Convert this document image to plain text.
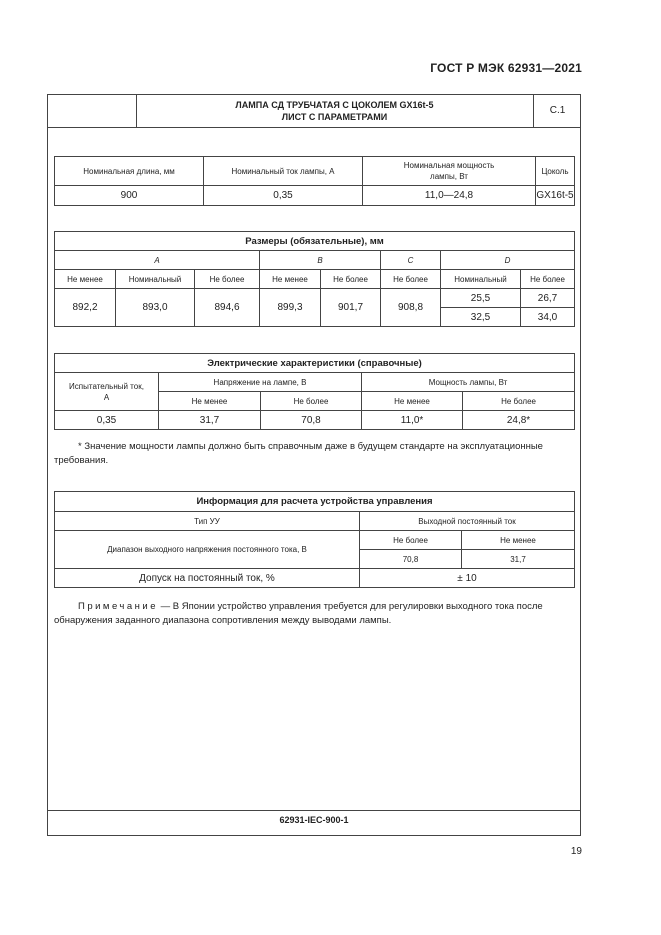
ГОСТ Р МЭК 62931—2021
ЛАМПА СД ТРУБЧАТАЯ С ЦОКОЛЕМ GX16t-5
ЛИСТ С ПАРАМЕТРАМИ
С.1
Номинальная длина, мм	Номинальный ток лампы, А	Номинальная мощность лампы, Вт	Цоколь
900	0,35	11,0—24,8	GX16t-5
Размеры (обязательные), мм							
A			B		C	D	
Не менее	Номинальный	Не более	Не менее	Не более	Не более	Номинальный	Не более
892,2	893,0	894,6	899,3	901,7	908,8	25,5	26,7
						32,5	34,0
Электрические характеристики (справочные)				
Испытательный ток, А	Напряжение на лампе, В		Мощность лампы, Вт	
	Не менее	Не более	Не менее	Не более
0,35	31,7	70,8	11,0*	24,8*
* Значение мощности лампы должно быть справочным даже в будущем стандарте на эксплуатационные требования.
Информация для расчета устройства управления		
Тип УУ	Выходной постоянный ток	
Диапазон выходного напряжения постоянного тока, В	Не более	Не менее
	70,8	31,7
Допуск на постоянный ток, %	± 10	
Примечание — В Японии устройство управления требуется для регулировки выходного тока после обнаружения заданного диапазона сопротивления между выводами лампы.
62931-IEC-900-1
19
